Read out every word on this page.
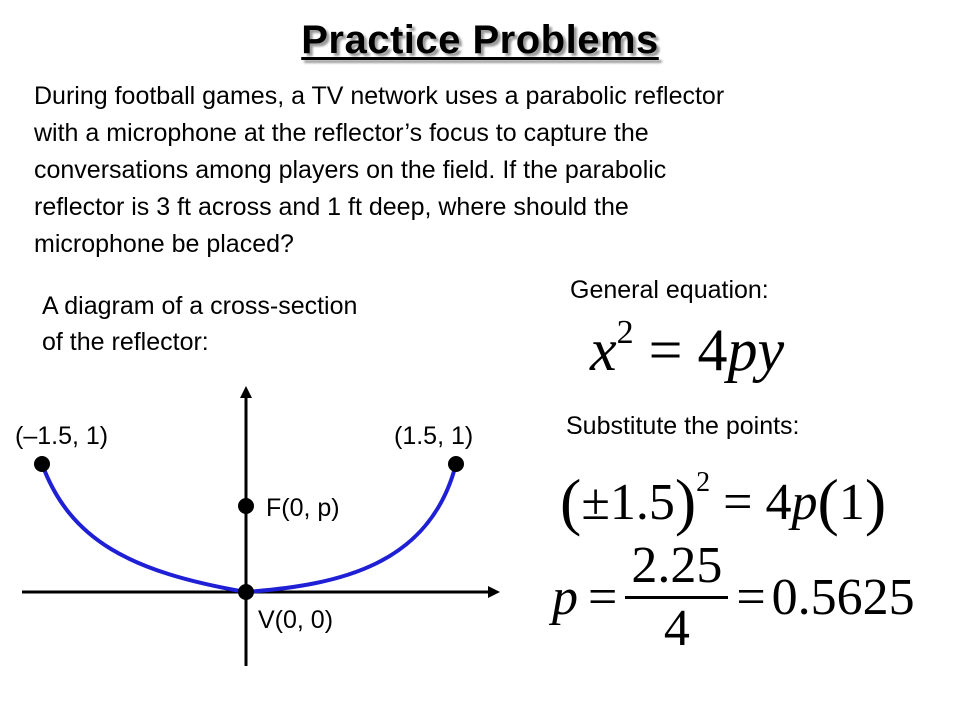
Practice Problems
During football games, a TV network uses a parabolic reflector
with a microphone at the reflector’s focus to capture the
conversations among players on the field. If the parabolic
reflector is 3 ft across and 1 ft deep, where should the
microphone be placed?
A diagram of a cross-section
of the reflector:
General equation:
$x^2 = 4py$
Substitute the points:
$(\pm 1.5)^2 = 4p(1)$
$p = \frac{2.25}{4} = 0.5625$
(–1.5, 1)	(1.5, 1)
F(0, p)
V(0, 0)
